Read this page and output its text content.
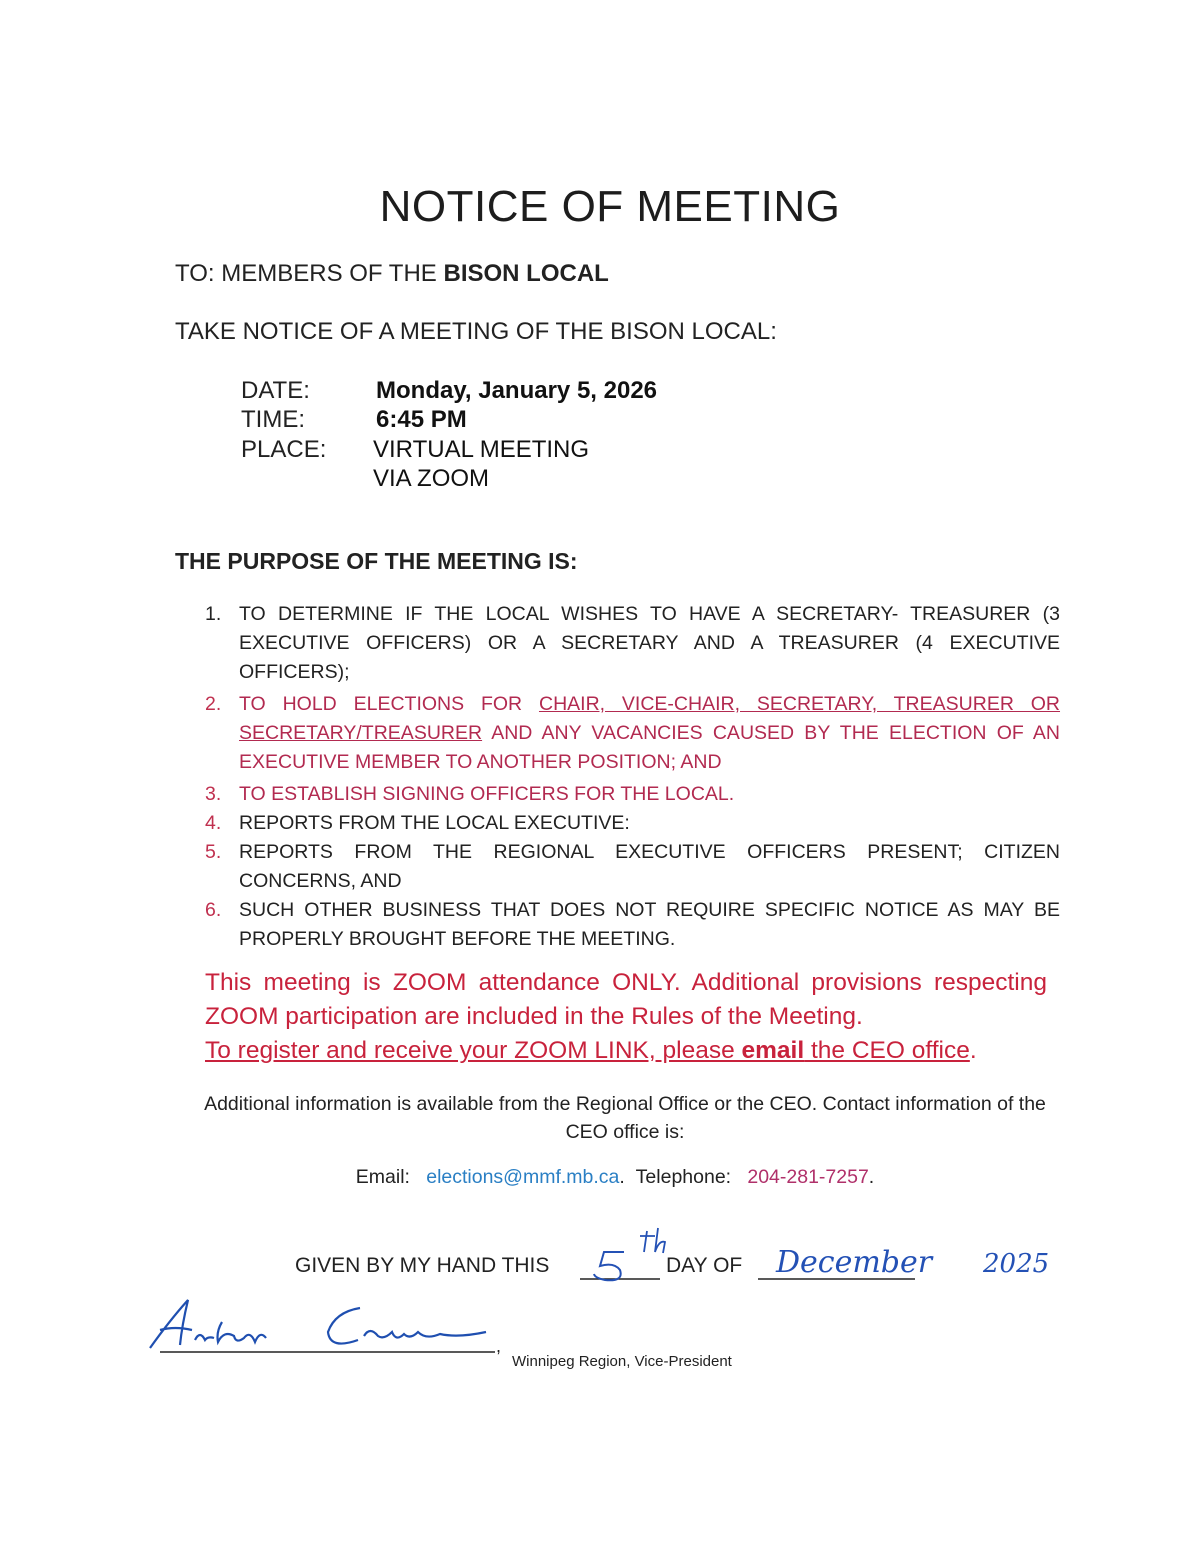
NOTICE OF MEETING
TO: MEMBERS OF THE BISON LOCAL
TAKE NOTICE OF A MEETING OF THE BISON LOCAL:
DATE:	Monday, January 5, 2026
TIME:	6:45 PM
PLACE: VIRTUAL MEETING
VIA ZOOM
THE PURPOSE OF THE MEETING IS:
1. TO DETERMINE IF THE LOCAL WISHES TO HAVE A SECRETARY- TREASURER (3 EXECUTIVE OFFICERS) OR A SECRETARY AND A TREASURER (4 EXECUTIVE OFFICERS);
2. TO HOLD ELECTIONS FOR CHAIR, VICE-CHAIR, SECRETARY, TREASURER OR SECRETARY/TREASURER AND ANY VACANCIES CAUSED BY THE ELECTION OF AN EXECUTIVE MEMBER TO ANOTHER POSITION; AND
3. TO ESTABLISH SIGNING OFFICERS FOR THE LOCAL.
4. REPORTS FROM THE LOCAL EXECUTIVE:
5. REPORTS FROM THE REGIONAL EXECUTIVE OFFICERS PRESENT; CITIZEN CONCERNS, AND
6. SUCH OTHER BUSINESS THAT DOES NOT REQUIRE SPECIFIC NOTICE AS MAY BE PROPERLY BROUGHT BEFORE THE MEETING.
This meeting is ZOOM attendance ONLY. Additional provisions respecting ZOOM participation are included in the Rules of the Meeting.
To register and receive your ZOOM LINK, please email the CEO office.
Additional information is available from the Regional Office or the CEO. Contact information of the CEO office is:
Email: elections@mmf.mb.ca. Telephone: 204-281-7257.
GIVEN BY MY HAND THIS	DAY OF December 2025
,
Winnipeg Region, Vice-President
